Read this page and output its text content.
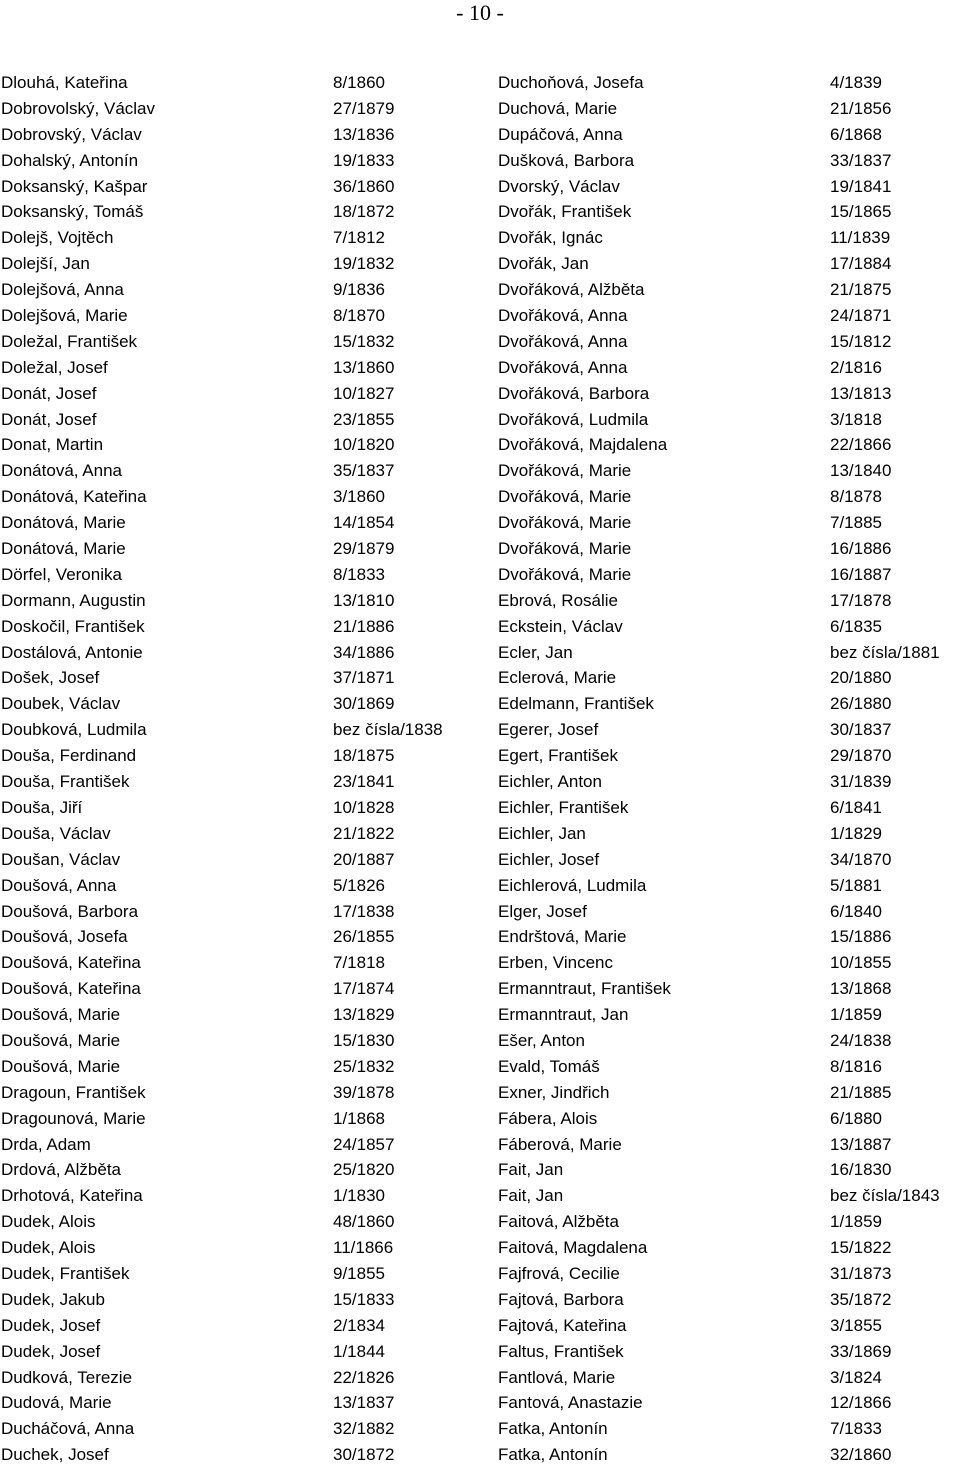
- 10 -
Dlouhá, Kateřina	8/1860	Duchoňová, Josefa	4/1839
Dobrovolský, Václav	27/1879	Duchová, Marie	21/1856
Dobrovský, Václav	13/1836	Dupáčová, Anna	6/1868
Dohalský, Antonín	19/1833	Dušková, Barbora	33/1837
Doksanský, Kašpar	36/1860	Dvorský, Václav	19/1841
Doksanský, Tomáš	18/1872	Dvořák, František	15/1865
Dolejš, Vojtěch	7/1812	Dvořák, Ignác	11/1839
Dolejší, Jan	19/1832	Dvořák, Jan	17/1884
Dolejšová, Anna	9/1836	Dvořáková, Alžběta	21/1875
Dolejšová, Marie	8/1870	Dvořáková, Anna	24/1871
Doležal, František	15/1832	Dvořáková, Anna	15/1812
Doležal, Josef	13/1860	Dvořáková, Anna	2/1816
Donát, Josef	10/1827	Dvořáková, Barbora	13/1813
Donát, Josef	23/1855	Dvořáková, Ludmila	3/1818
Donat, Martin	10/1820	Dvořáková, Majdalena	22/1866
Donátová, Anna	35/1837	Dvořáková, Marie	13/1840
Donátová, Kateřina	3/1860	Dvořáková, Marie	8/1878
Donátová, Marie	14/1854	Dvořáková, Marie	7/1885
Donátová, Marie	29/1879	Dvořáková, Marie	16/1886
Dörfel, Veronika	8/1833	Dvořáková, Marie	16/1887
Dormann, Augustin	13/1810	Ebrová, Rosálie	17/1878
Doskočil, František	21/1886	Eckstein, Václav	6/1835
Dostálová, Antonie	34/1886	Ecler, Jan	bez čísla/1881
Došek, Josef	37/1871	Eclerová, Marie	20/1880
Doubek, Václav	30/1869	Edelmann, František	26/1880
Doubková, Ludmila	bez čísla/1838	Egerer, Josef	30/1837
Douša, Ferdinand	18/1875	Egert, František	29/1870
Douša, František	23/1841	Eichler, Anton	31/1839
Douša, Jiří	10/1828	Eichler, František	6/1841
Douša, Václav	21/1822	Eichler, Jan	1/1829
Doušan, Václav	20/1887	Eichler, Josef	34/1870
Doušová, Anna	5/1826	Eichlerová, Ludmila	5/1881
Doušová, Barbora	17/1838	Elger, Josef	6/1840
Doušová, Josefa	26/1855	Endrštová, Marie	15/1886
Doušová, Kateřina	7/1818	Erben, Vincenc	10/1855
Doušová, Kateřina	17/1874	Ermanntraut, František	13/1868
Doušová, Marie	13/1829	Ermanntraut, Jan	1/1859
Doušová, Marie	15/1830	Ešer, Anton	24/1838
Doušová, Marie	25/1832	Evald, Tomáš	8/1816
Dragoun, František	39/1878	Exner, Jindřich	21/1885
Dragounová, Marie	1/1868	Fábera, Alois	6/1880
Drda, Adam	24/1857	Fáberová, Marie	13/1887
Drdová, Alžběta	25/1820	Fait, Jan	16/1830
Drhotová, Kateřina	1/1830	Fait, Jan	bez čísla/1843
Dudek, Alois	48/1860	Faitová, Alžběta	1/1859
Dudek, Alois	11/1866	Faitová, Magdalena	15/1822
Dudek, František	9/1855	Fajfrová, Cecilie	31/1873
Dudek, Jakub	15/1833	Fajtová, Barbora	35/1872
Dudek, Josef	2/1834	Fajtová, Kateřina	3/1855
Dudek, Josef	1/1844	Faltus, František	33/1869
Dudková, Terezie	22/1826	Fantlová, Marie	3/1824
Dudová, Marie	13/1837	Fantová, Anastazie	12/1866
Ducháčová, Anna	32/1882	Fatka, Antonín	7/1833
Duchek, Josef	30/1872	Fatka, Antonín	32/1860
